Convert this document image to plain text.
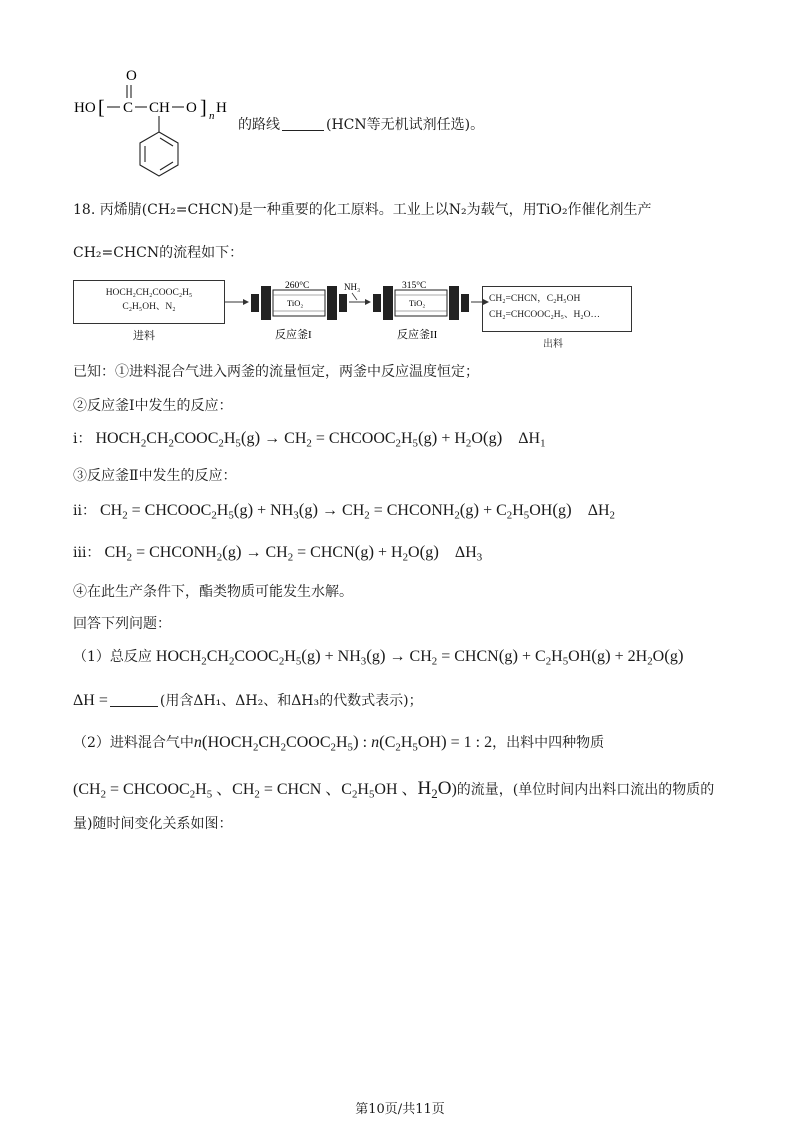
O
HO [ C CH O ] n H
的路线	(HCN等无机试剂任选)。
18. 丙烯腈(CH₂=CHCN)是一种重要的化工原料。工业上以N₂为载气，用TiO₂作催化剂生产
CH₂=CHCN的流程如下：
HOCH₂CH₂COOC₂H₅
C₂H₅OH、N₂
进料
260°C
TiO₂
NH₃	315°C
TiO₂
反应釜I	反应釜II
CH₂=CHCN，C₂H₅OH
CH₂=CHCOOC₂H₅、H₂O…
出料
已知：①进料混合气进入两釜的流量恒定，两釜中反应温度恒定；
②反应釜Ⅰ中发生的反应：
ⅰ： $HOCH_2CH_2COOC_2H_5(g) \to CH_2$ = $CHCOOC_2H_5(g) + H_2O(g)$    $\Delta H_1$
③反应釜Ⅱ中发生的反应：
ⅱ： $CH_2$ = $CHCOOC_2H_5(g) + NH_3(g) \to CH_2$ = $CHCONH_2(g) + C_2H_5OH(g)$    $\Delta H_2$
ⅲ： $CH_2$ = $CHCONH_2(g) \to CH_2$ = CHCN(g) + $H_2O(g)$    $\Delta H_3$
④在此生产条件下，酯类物质可能发生水解。
回答下列问题：
（1）总反应 $HOCH_2CH_2COOC_2H_5(g) + NH_3(g) \to CH_2$ = CHCN(g) + $C_2H_5OH(g) + 2H_2O(g)$
ΔH =	(用含ΔH₁、ΔH₂、和ΔH₃的代数式表示)；
（2）进料混合气中$n(HOCH_2CH_2COOC_2H_5)$ : $n(C_2H_5OH) = 1$ : 2，出料中四种物质
($CH_2$ = $CHCOOC_2H_5$ 、$CH_2$ = CHCN 、$C_2H_5OH$ 、$H_2O$)的流量，(单位时间内出料口流出的物质的
量)随时间变化关系如图：
第10页/共11页
